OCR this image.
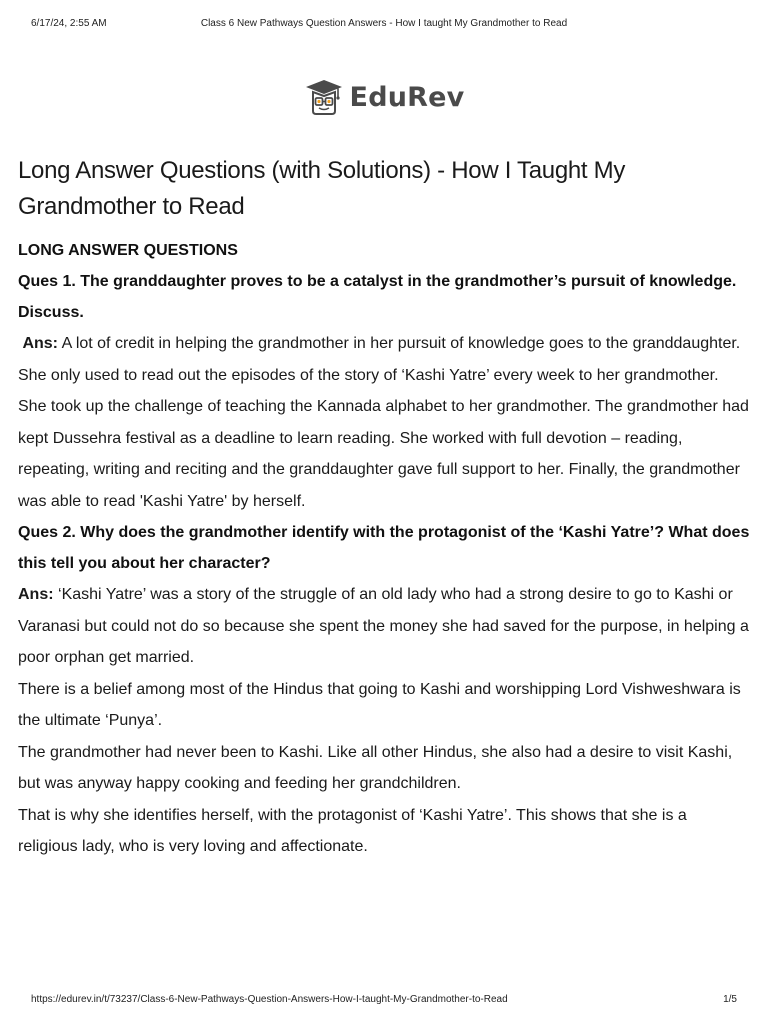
6/17/24, 2:55 AM	Class 6 New Pathways Question Answers - How I taught My Grandmother to Read
EduRev
Long Answer Questions (with Solutions) - How I Taught My Grandmother to Read
LONG ANSWER QUESTIONS
Ques 1. The granddaughter proves to be a catalyst in the grandmother’s pursuit of knowledge. Discuss.
Ans: A lot of credit in helping the grandmother in her pursuit of knowledge goes to the granddaughter. She only used to read out the episodes of the story of ‘Kashi Yatre’ every week to her grandmother. She took up the challenge of teaching the Kannada alphabet to her grandmother. The grandmother had kept Dussehra festival as a deadline to learn reading. She worked with full devotion – reading, repeating, writing and reciting and the granddaughter gave full support to her. Finally, the grandmother was able to read 'Kashi Yatre' by herself.
Ques 2. Why does the grandmother identify with the protagonist of the ‘Kashi Yatre’? What does this tell you about her character?
Ans: ‘Kashi Yatre’ was a story of the struggle of an old lady who had a strong desire to go to Kashi or Varanasi but could not do so because she spent the money she had saved for the purpose, in helping a poor orphan get married.
There is a belief among most of the Hindus that going to Kashi and worshipping Lord Vishweshwara is the ultimate ‘Punya’.
The grandmother had never been to Kashi. Like all other Hindus, she also had a desire to visit Kashi, but was anyway happy cooking and feeding her grandchildren.
That is why she identifies herself, with the protagonist of ‘Kashi Yatre’. This shows that she is a religious lady, who is very loving and affectionate.
https://edurev.in/t/73237/Class-6-New-Pathways-Question-Answers-How-I-taught-My-Grandmother-to-Read	1/5
